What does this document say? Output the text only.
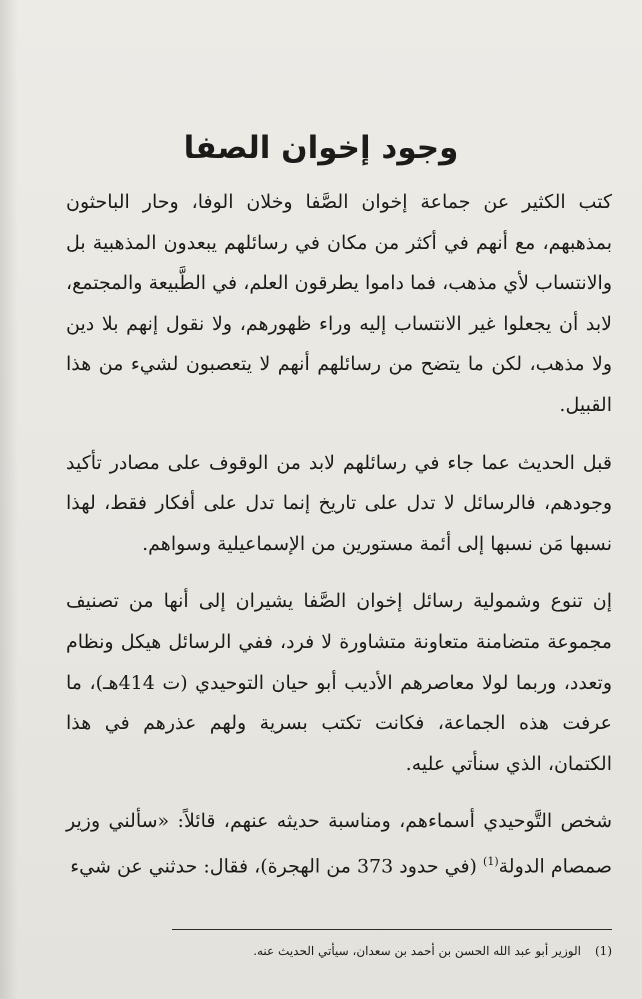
وجود إخوان الصفا

كتب الكثير عن جماعة إخوان الصَّفا وخلان الوفا، وحار الباحثون بمذهبهم، مع أنهم في أكثر من مكان في رسائلهم يبعدون المذهبية بل والانتساب لأي مذهب، فما داموا يطرقون العلم، في الطَّبيعة والمجتمع، لابد أن يجعلوا غير الانتساب إليه وراء ظهورهم، ولا نقول إنهم بلا دين ولا مذهب، لكن ما يتضح من رسائلهم أنهم لا يتعصبون لشيء من هذا القبيل.

قبل الحديث عما جاء في رسائلهم لابد من الوقوف على مصادر تأكيد وجودهم، فالرسائل لا تدل على تاريخ إنما تدل على أفكار فقط، لهذا نسبها مَن نسبها إلى أئمة مستورين من الإسماعيلية وسواهم.

إن تنوع وشمولية رسائل إخوان الصَّفا يشيران إلى أنها من تصنيف مجموعة متضامنة متعاونة متشاورة لا فرد، ففي الرسائل هيكل ونظام وتعدد، وربما لولا معاصرهم الأديب أبو حيان التوحيدي (ت 414هـ)، ما عرفت هذه الجماعة، فكانت تكتب بسرية ولهم عذرهم في هذا الكتمان، الذي سنأتي عليه.

شخص التَّوحيدي أسماءهم، ومناسبة حديثه عنهم، قائلاً: «سألني وزير صمصام الدولة$^{(1)}$ (في حدود 373 من الهجرة)، فقال: حدثني عن شيء

(1)الوزير أبو عبد الله الحسن بن أحمد بن سعدان، سيأتي الحديث عنه.
